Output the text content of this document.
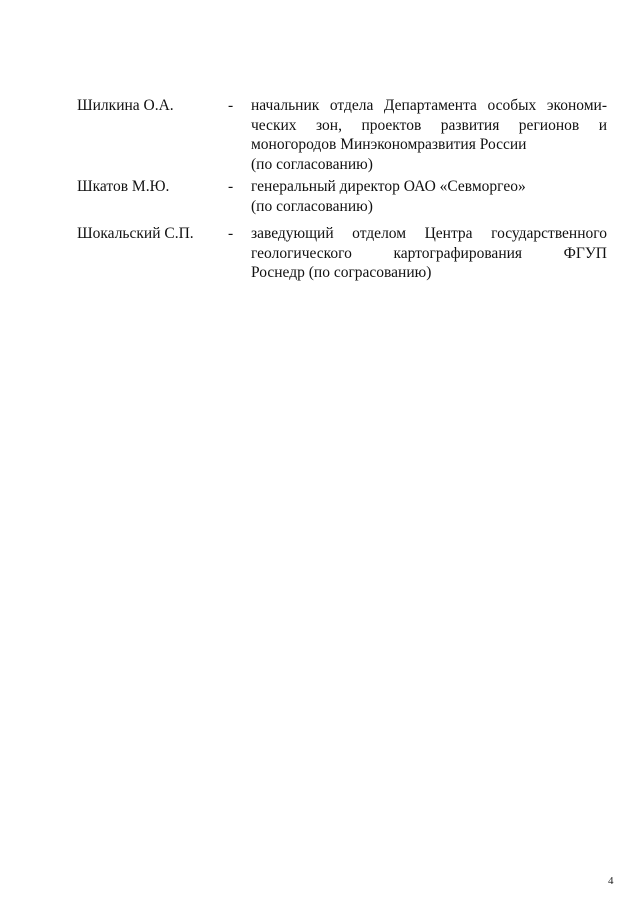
Шилкина О.А.	- начальник отдела Департамента особых экономи-
ческих зон, проектов развития регионов и
моногородов Минэкономразвития России
(по согласованию)
Шкатов М.Ю.	- генеральный директор ОАО «Севморгео»
(по согласованию)
Шокальский С.П. - заведующий отделом Центра государственного
геологического картографирования ФГУП
Роснедр (по сограсованию)
4
